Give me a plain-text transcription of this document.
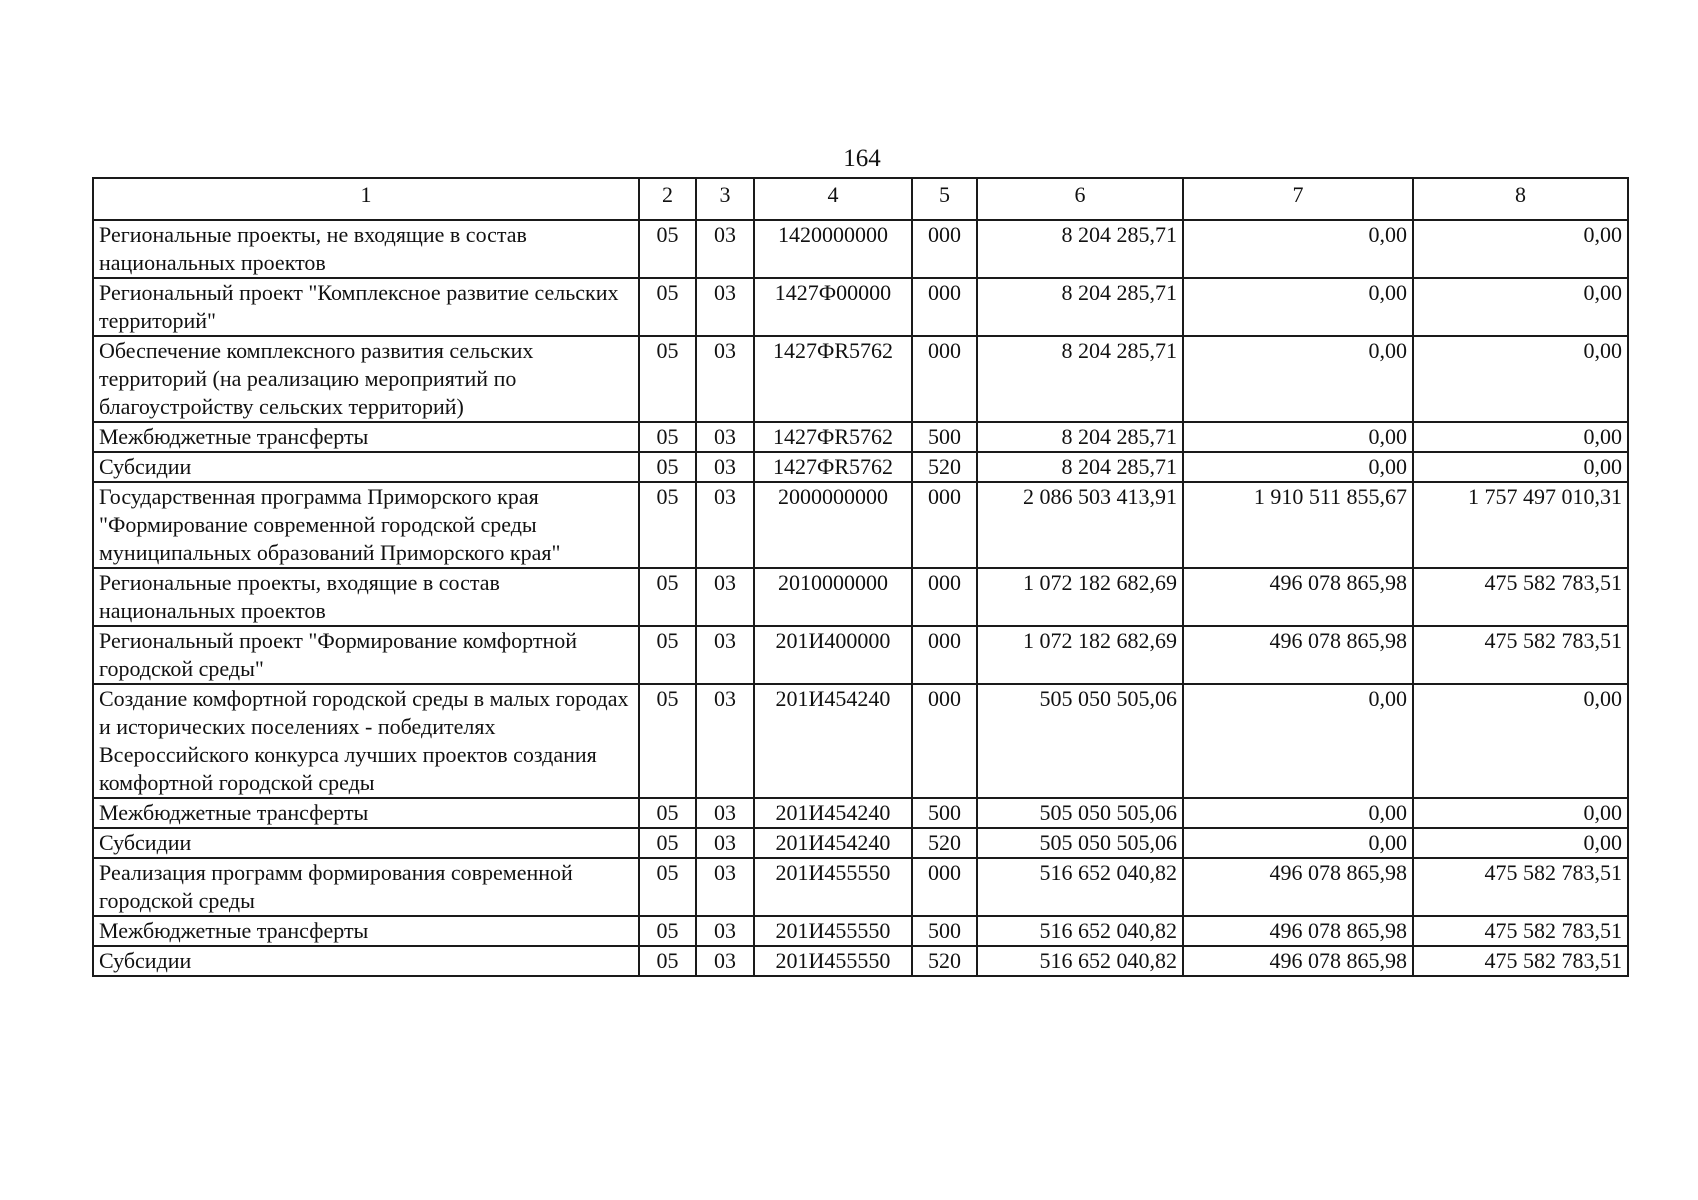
164
1	2	3	4	5	6	7	8
Региональные проекты, не входящие в состав национальных проектов	05	03	1420000000	000	8 204 285,71	0,00	0,00
Региональный проект "Комплексное развитие сельских территорий"	05	03	1427Ф00000	000	8 204 285,71	0,00	0,00
Обеспечение комплексного развития сельских территорий (на реализацию мероприятий по благоустройству сельских территорий)	05	03	1427ФR5762	000	8 204 285,71	0,00	0,00
Межбюджетные трансферты	05	03	1427ФR5762	500	8 204 285,71	0,00	0,00
Субсидии	05	03	1427ФR5762	520	8 204 285,71	0,00	0,00
Государственная программа Приморского края "Формирование современной городской среды муниципальных образований Приморского края"	05	03	2000000000	000	2 086 503 413,91	1 910 511 855,67	1 757 497 010,31
Региональные проекты, входящие в состав национальных проектов	05	03	2010000000	000	1 072 182 682,69	496 078 865,98	475 582 783,51
Региональный проект "Формирование комфортной городской среды"	05	03	201И400000	000	1 072 182 682,69	496 078 865,98	475 582 783,51
Создание комфортной городской среды в малых городах и исторических поселениях - победителях Всероссийского конкурса лучших проектов создания комфортной городской среды	05	03	201И454240	000	505 050 505,06	0,00	0,00
Межбюджетные трансферты	05	03	201И454240	500	505 050 505,06	0,00	0,00
Субсидии	05	03	201И454240	520	505 050 505,06	0,00	0,00
Реализация программ формирования современной городской среды	05	03	201И455550	000	516 652 040,82	496 078 865,98	475 582 783,51
Межбюджетные трансферты	05	03	201И455550	500	516 652 040,82	496 078 865,98	475 582 783,51
Субсидии	05	03	201И455550	520	516 652 040,82	496 078 865,98	475 582 783,51
